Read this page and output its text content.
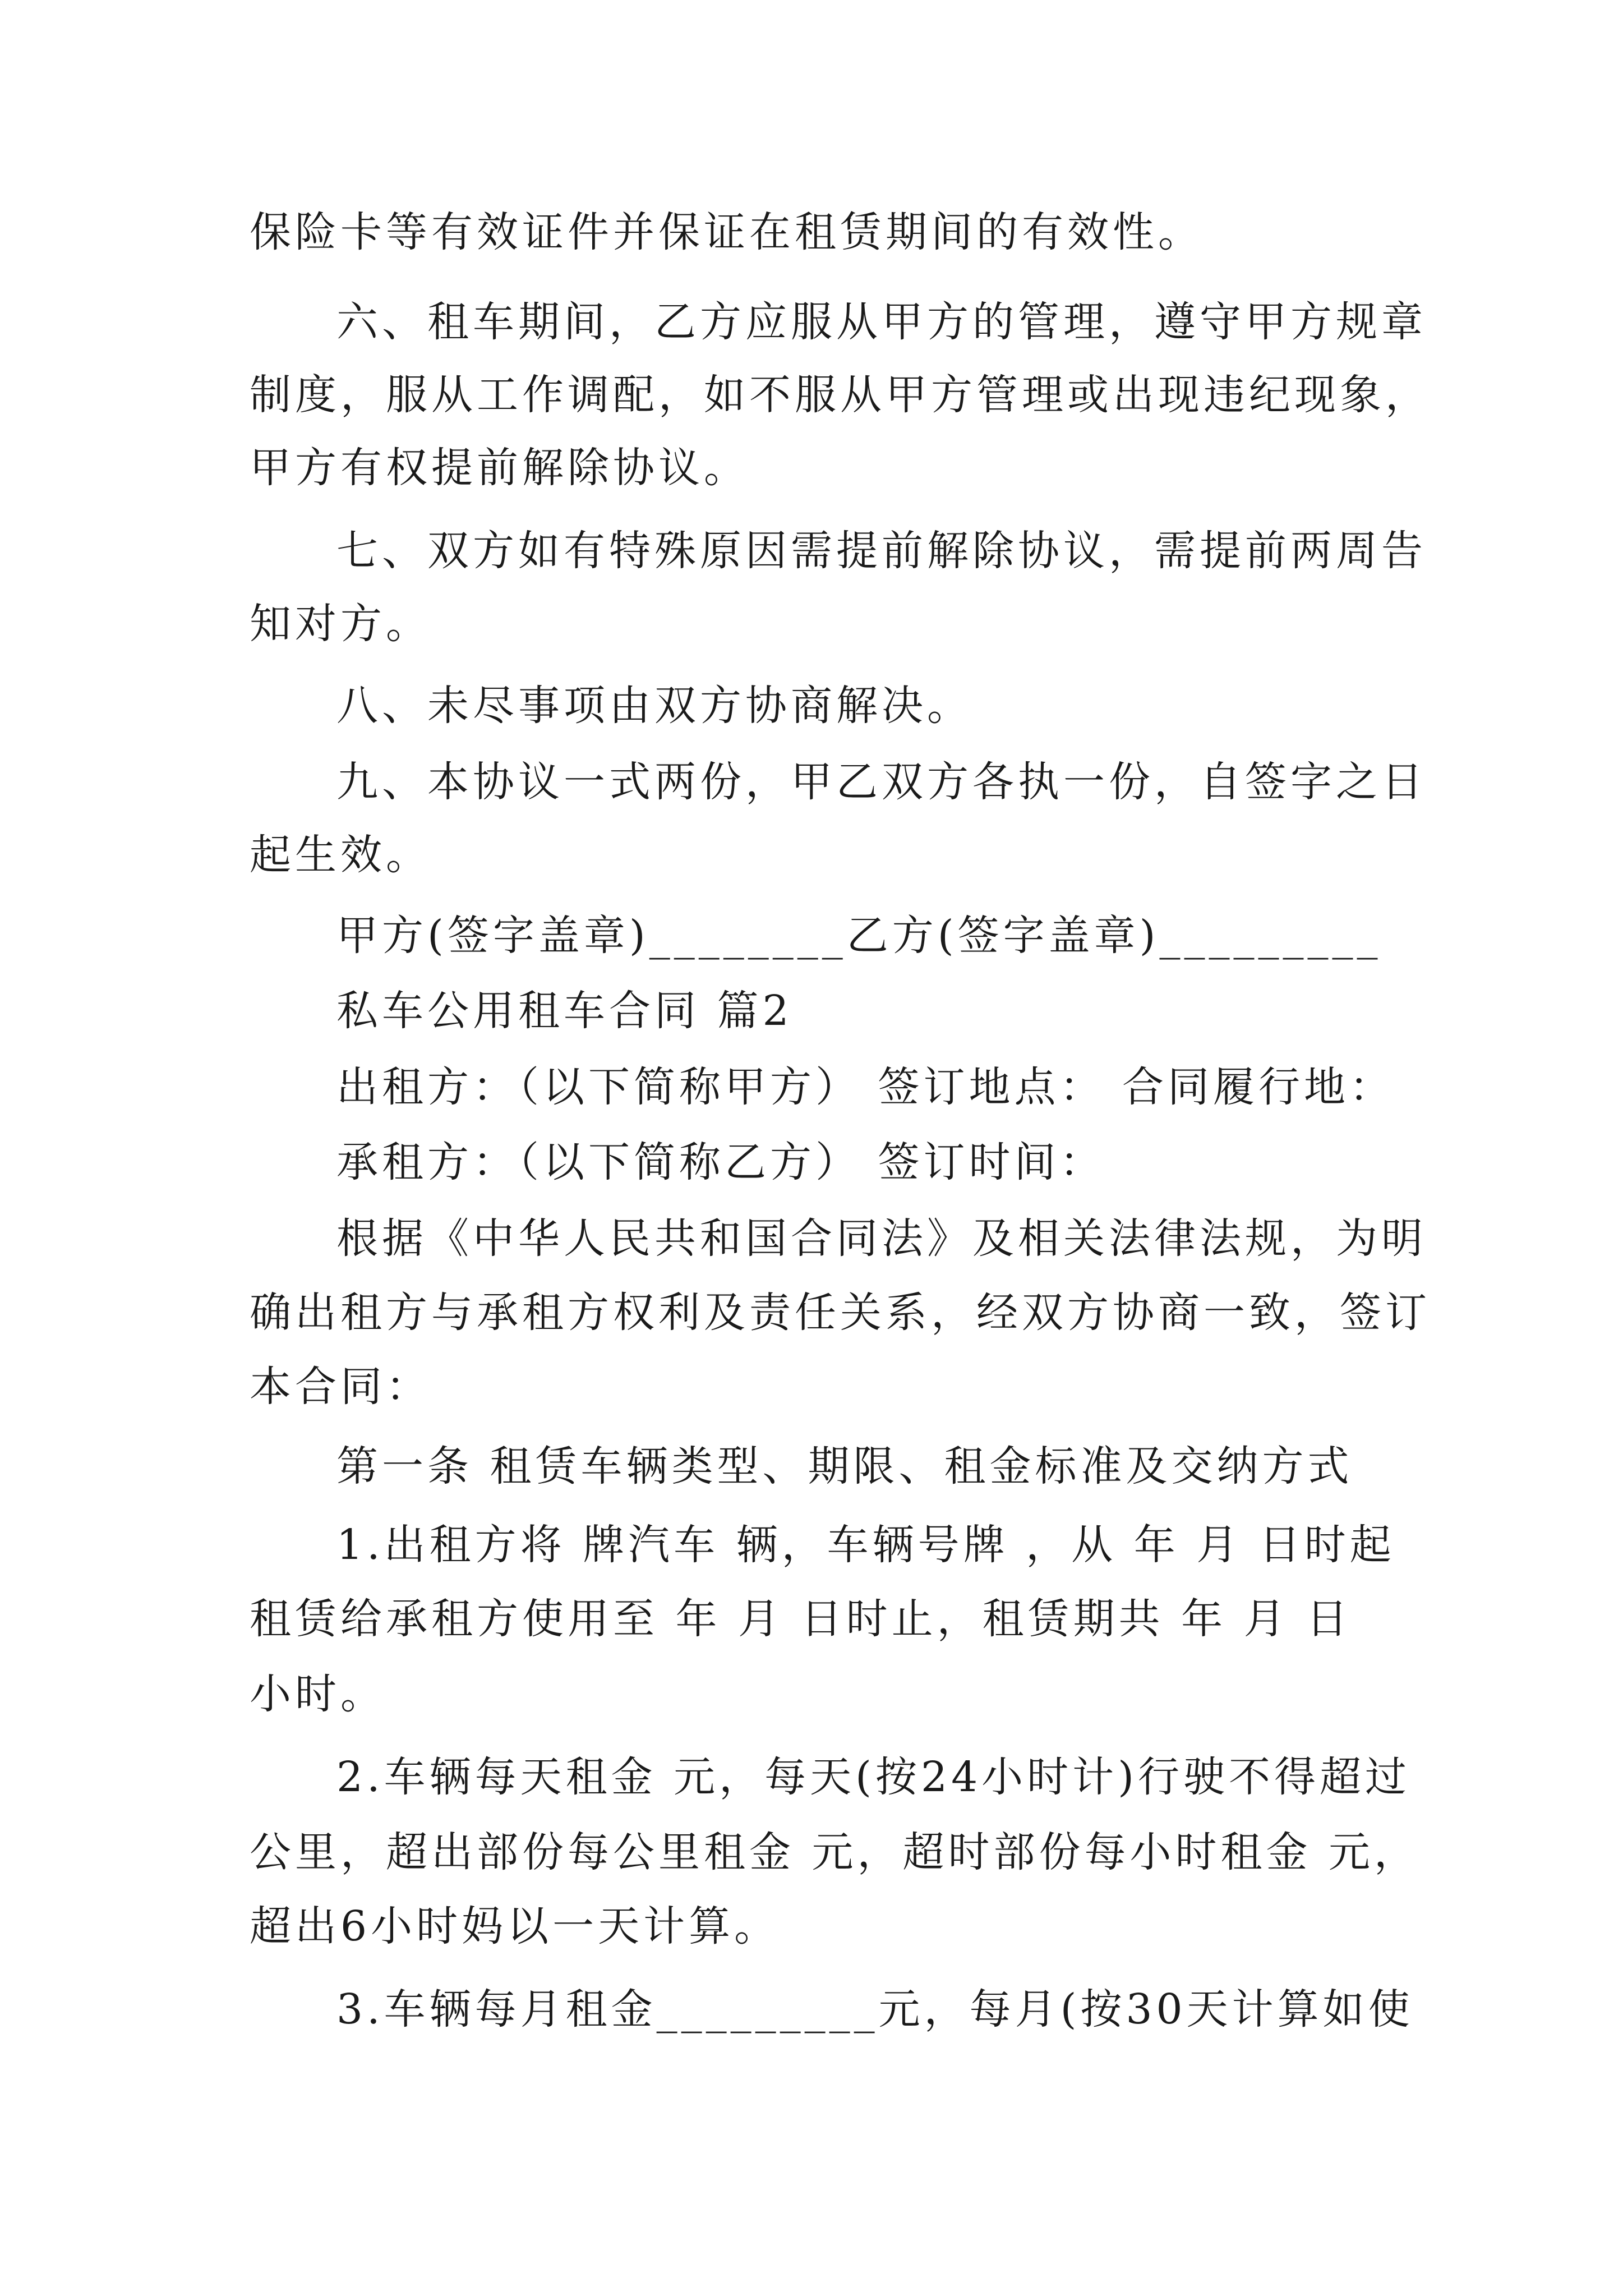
保险卡等有效证件并保证在租赁期间的有效性。
六、租车期间，乙方应服从甲方的管理，遵守甲方规章
制度，服从工作调配，如不服从甲方管理或出现违纪现象，
甲方有权提前解除协议。
七、双方如有特殊原因需提前解除协议，需提前两周告
知对方。
八、未尽事项由双方协商解决。
九、本协议一式两份，甲乙双方各执一份，自签字之日
起生效。
甲方(签字盖章)________乙方(签字盖章)_________
私车公用租车合同 篇2
出租方：（以下简称甲方） 签订地点： 合同履行地：
承租方：（以下简称乙方） 签订时间：
根据《中华人民共和国合同法》及相关法律法规，为明
确出租方与承租方权利及责任关系，经双方协商一致，签订
本合同：
第一条 租赁车辆类型、期限、租金标准及交纳方式
1.出租方将 牌汽车 辆，车辆号牌 ，从 年 月 日时起
租赁给承租方使用至 年 月 日时止，租赁期共 年 月 日
小时。
2.车辆每天租金 元，每天(按24小时计)行驶不得超过
公里，超出部份每公里租金 元，超时部份每小时租金 元，
超出6小时妈以一天计算。
3.车辆每月租金_________元，每月(按30天计算如使
